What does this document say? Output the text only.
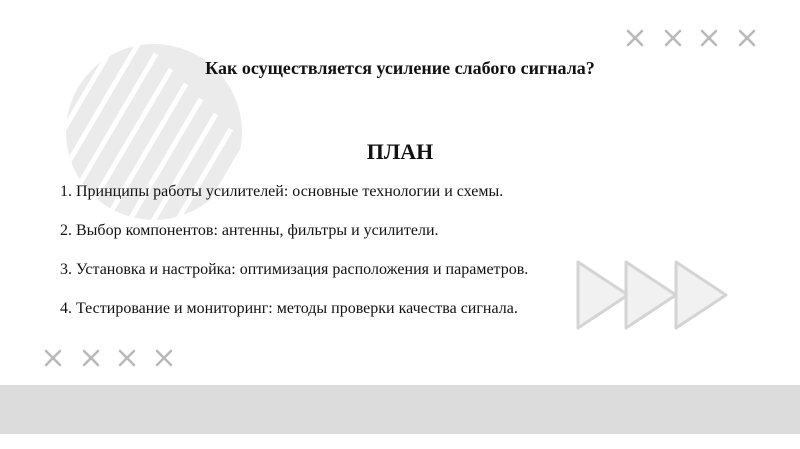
Как осуществляется усиление слабого сигнала?
ПЛАН
1. Принципы работы усилителей: основные технологии и схемы.
2. Выбор компонентов: антенны, фильтры и усилители.
3. Установка и настройка: оптимизация расположения и параметров.
4. Тестирование и мониторинг: методы проверки качества сигнала.
